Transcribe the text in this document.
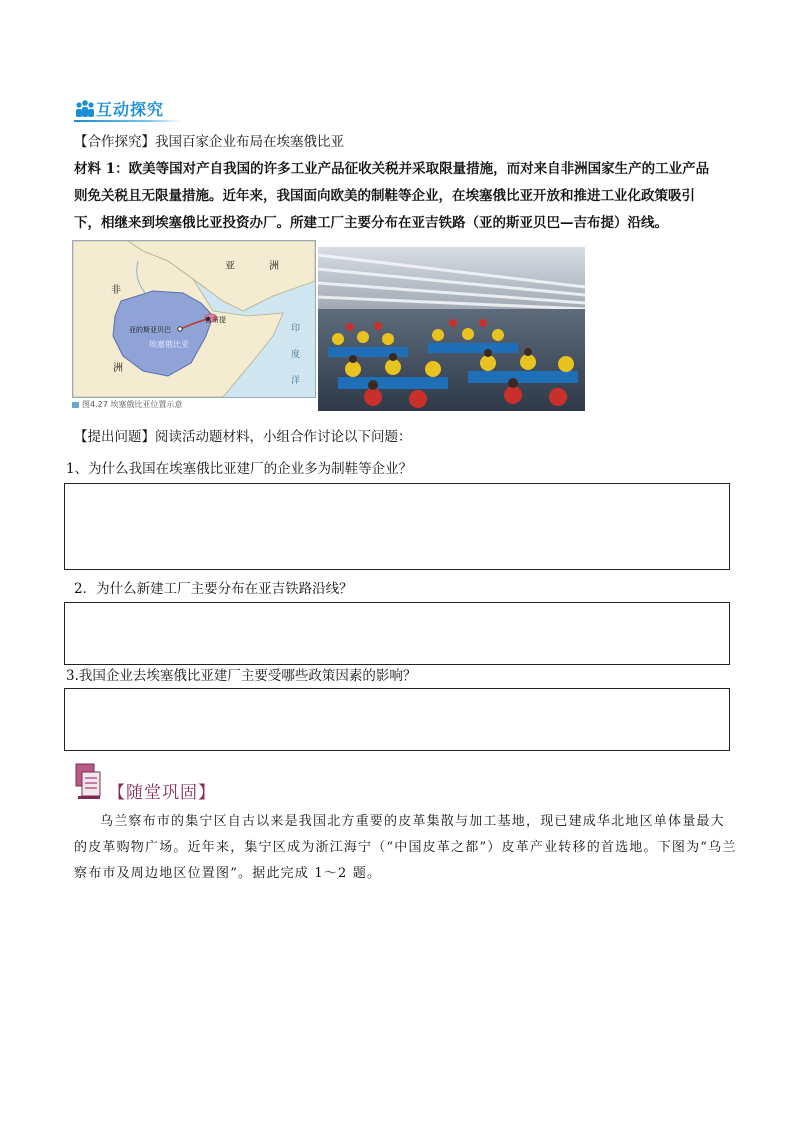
互动探究
【合作探究】我国百家企业布局在埃塞俄比亚
材料 1：欧美等国对产自我国的许多工业产品征收关税并采取限量措施，而对来自非洲国家生产的工业产品
则免关税且无限量措施。近年来，我国面向欧美的制鞋等企业，在埃塞俄比亚开放和推进工业化政策吸引
下，相继来到埃塞俄比亚投资办厂。所建工厂主要分布在亚吉铁路（亚的斯亚贝巴—吉布提）沿线。
亚	洲
非
洲
亚的斯亚贝巴
埃塞俄比亚
吉布提
印
度
洋
图4.27 埃塞俄比亚位置示意
【提出问题】阅读活动题材料，小组合作讨论以下问题：
1、为什么我国在埃塞俄比亚建厂的企业多为制鞋等企业？
2．为什么新建工厂主要分布在亚吉铁路沿线？
3.我国企业去埃塞俄比亚建厂主要受哪些政策因素的影响？
【随堂巩固】
乌兰察布市的集宁区自古以来是我国北方重要的皮革集散与加工基地，现已建成华北地区单体量最大
的皮革购物广场。近年来，集宁区成为浙江海宁（“中国皮革之都”）皮革产业转移的首选地。下图为“乌兰
察布市及周边地区位置图”。据此完成 1～2 题。
